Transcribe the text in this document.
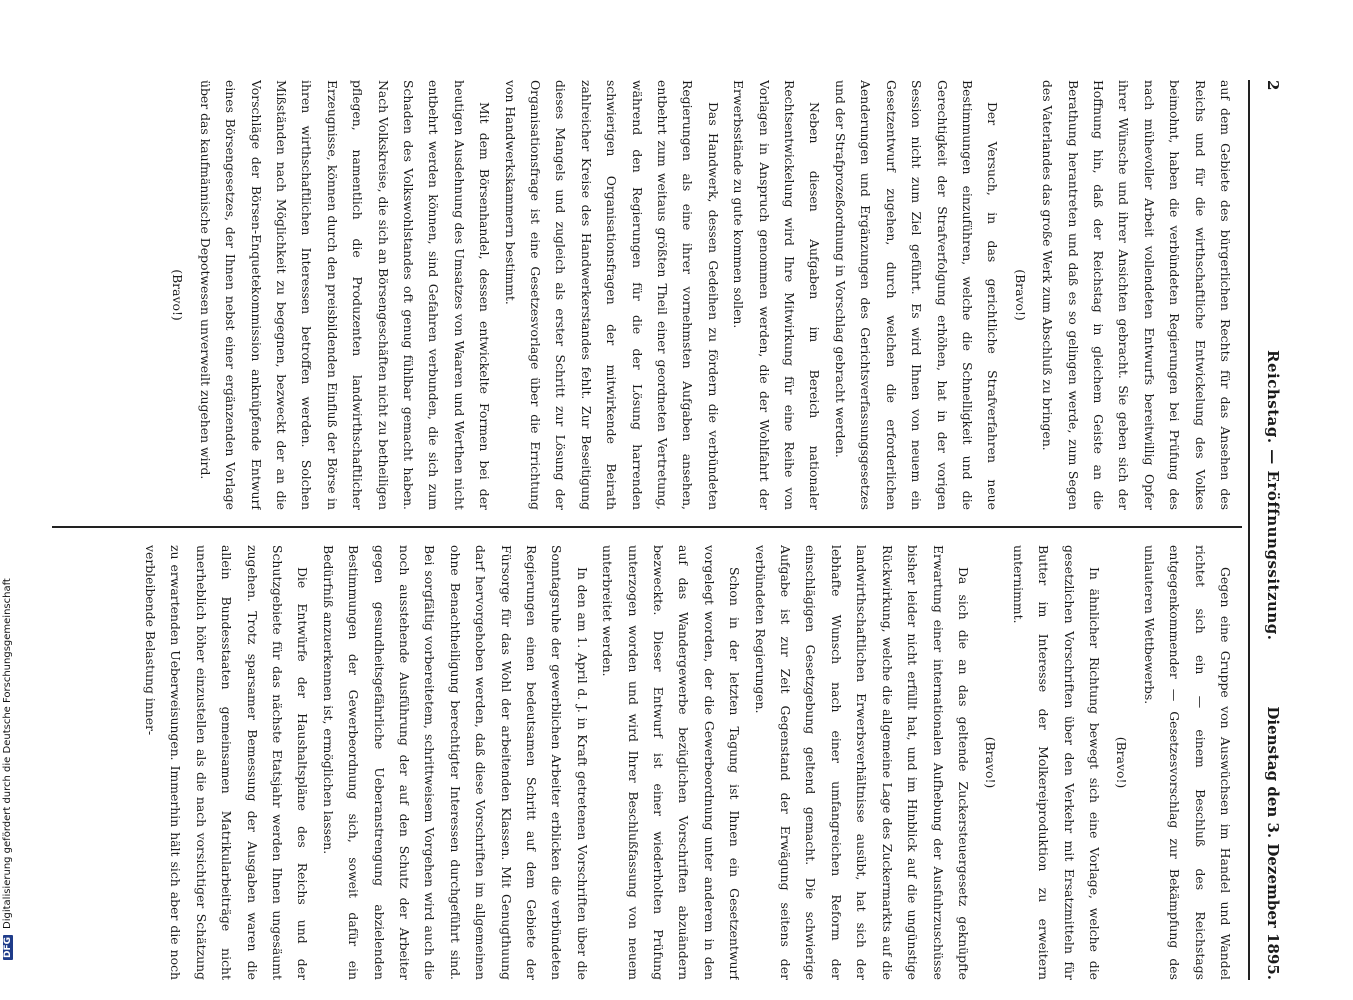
DFGDigitalisierung gefördert durch die Deutsche Forschungsgemeinschaft
2
Reichstag. — Eröffnungssitzung.
Dienstag den 3. Dezember 1895.

auf dem Gebiete des bürgerlichen Rechts für das Ansehen des Reichs und für die wirthschaftliche Entwickelung des Volkes beimohnt, haben die verbündeten Regierungen bei Prüfung des nach mühevoller Arbeit vollendeten Entwurfs bereitwillig Opfer ihrer Wünsche und ihrer Ansichten gebracht. Sie geben sich der Hoffnung hin, daß der Reichstag in gleichem Geiste an die Berathung herantreten und daß es so gelingen werde, zum Segen des Vaterlandes das große Werk zum Abschluß zu bringen.

(Bravo!)

Der Versuch, in das gerichtliche Strafverfahren neue Bestimmungen einzuführen, welche die Schnelligkeit und die Gerechtigkeit der Strafverfolgung erhöhen, hat in der vorigen Session nicht zum Ziel geführt. Es wird Ihnen von neuem ein Gesetzentwurf zugehen, durch welchen die erforderlichen Aenderungen und Ergänzungen des Gerichtsverfassungsgesetzes und der Strafprozeßordnung in Vorschlag gebracht werden.

Neben diesen Aufgaben im Bereich nationaler Rechtsentwickelung wird Ihre Mitwirkung für eine Reihe von Vorlagen in Anspruch genommen werden, die der Wohlfahrt der Erwerbsstände zu gute kommen sollen.

Das Handwerk, dessen Gedeihen zu fördern die verbündeten Regierungen als eine ihrer vornehmsten Aufgaben ansehen, entbehrt zum weitaus größten Theil einer geordneten Vertretung, während den Regierungen für die der Lösung harrenden schwierigen Organisationsfragen der mitwirkende Beirath zahlreicher Kreise des Handwerkerstandes fehlt. Zur Beseitigung dieses Mangels und zugleich als erster Schritt zur Lösung der Organisationsfrage ist eine Gesetzesvorlage über die Errichtung von Handwerkskammern bestimmt.

Mit dem Börsenhandel, dessen entwickelte Formen bei der heutigen Ausdehnung des Umsatzes von Waaren und Werthen nicht entbehrt werden können, sind Gefahren verbunden, die sich zum Schaden des Volkswohlstandes oft genug fühlbar gemacht haben. Nach Volkskreise, die sich an Börsengeschäften nicht zu betheiligen pflegen, namentlich die Produzenten landwirthschaftlicher Erzeugnisse, können durch den preisbildenden Einfluß der Börse in ihren wirthschaftlichen Interessen betroffen werden. Solchen Mißständen nach Möglichkeit zu begegnen, bezweckt der an die Vorschläge der Börsen-Enquetekommission anknüpfende Entwurf eines Börsengesetzes, der Ihnen nebst einer ergänzenden Vorlage über das kaufmännische Depotwesen unverweilt zugehen wird.

(Bravo!)

Gegen eine Gruppe von Auswüchsen im Handel und Wandel richtet sich ein — einem Beschluß des Reichstags entgegenkommender — Gesetzesvorschlag zur Bekämpfung des unlauteren Wettbewerbs.

(Bravo!)

In ähnlicher Richtung bewegt sich eine Vorlage, welche die gesetzlichen Vorschriften über den Verkehr mit Ersatzmitteln für Butter im Interesse der Molkereiproduktion zu erweitern unternimmt.

(Bravo!)

Da sich die an das geltende Zuckersteuergesetz geknüpfte Erwartung einer internationalen Aufhebung der Ausfuhrzuschüsse bisher leider nicht erfüllt hat, und im Hinblick auf die ungünstige Rückwirkung, welche die allgemeine Lage des Zuckermarkts auf die landwirthschaftlichen Erwerbsverhältnisse ausübt, hat sich der lebhafte Wunsch nach einer umfangreichen Reform der einschlägigen Gesetzgebung geltend gemacht. Die schwierige Aufgabe ist zur Zeit Gegenstand der Erwägung seitens der verbündeten Regierungen.

Schon in der letzten Tagung ist Ihnen ein Gesetzentwurf vorgelegt worden, der die Gewerbeordnung unter anderem in den auf das Wandergewerbe bezüglichen Vorschriften abzuändern bezweckte. Dieser Entwurf ist einer wiederholten Prüfung unterzogen worden und wird Ihrer Beschlußfassung von neuem unterbreitet werden.

In den am 1. April d. J. in Kraft getretenen Vorschriften über die Sonntagsruhe der gewerblichen Arbeiter erblicken die verbündeten Regierungen einen bedeutsamen Schritt auf dem Gebiete der Fürsorge für das Wohl der arbeitenden Klassen. Mit Genugthuung darf hervorgehoben werden, daß diese Vorschriften im allgemeinen ohne Benachtheiligung berechtigter Interessen durchgeführt sind. Bei sorgfältig vorbereitetem, schrittweisem Vorgehen wird auch die noch ausstehende Ausführung der auf den Schutz der Arbeiter gegen gesundheitsgefährliche Ueberanstrengung abzielenden Bestimmungen der Gewerbeordnung sich, soweit dafür ein Bedürfniß anzuerkennen ist, ermöglichen lassen.

Die Entwürfe der Haushaltspläne des Reichs und der Schutzgebiete für das nächste Etatsjahr werden Ihnen ungesäumt zugehen. Trotz sparsamer Bemessung der Ausgaben waren die allein Bundesstaaten gemeinsamen Matrikularbeiträge nicht unerheblich höher einzustellen als die nach vorsichtiger Schätzung zu erwartenden Ueberweisungen. Immerhin hält sich aber die noch verbleibende Belastung inner-
